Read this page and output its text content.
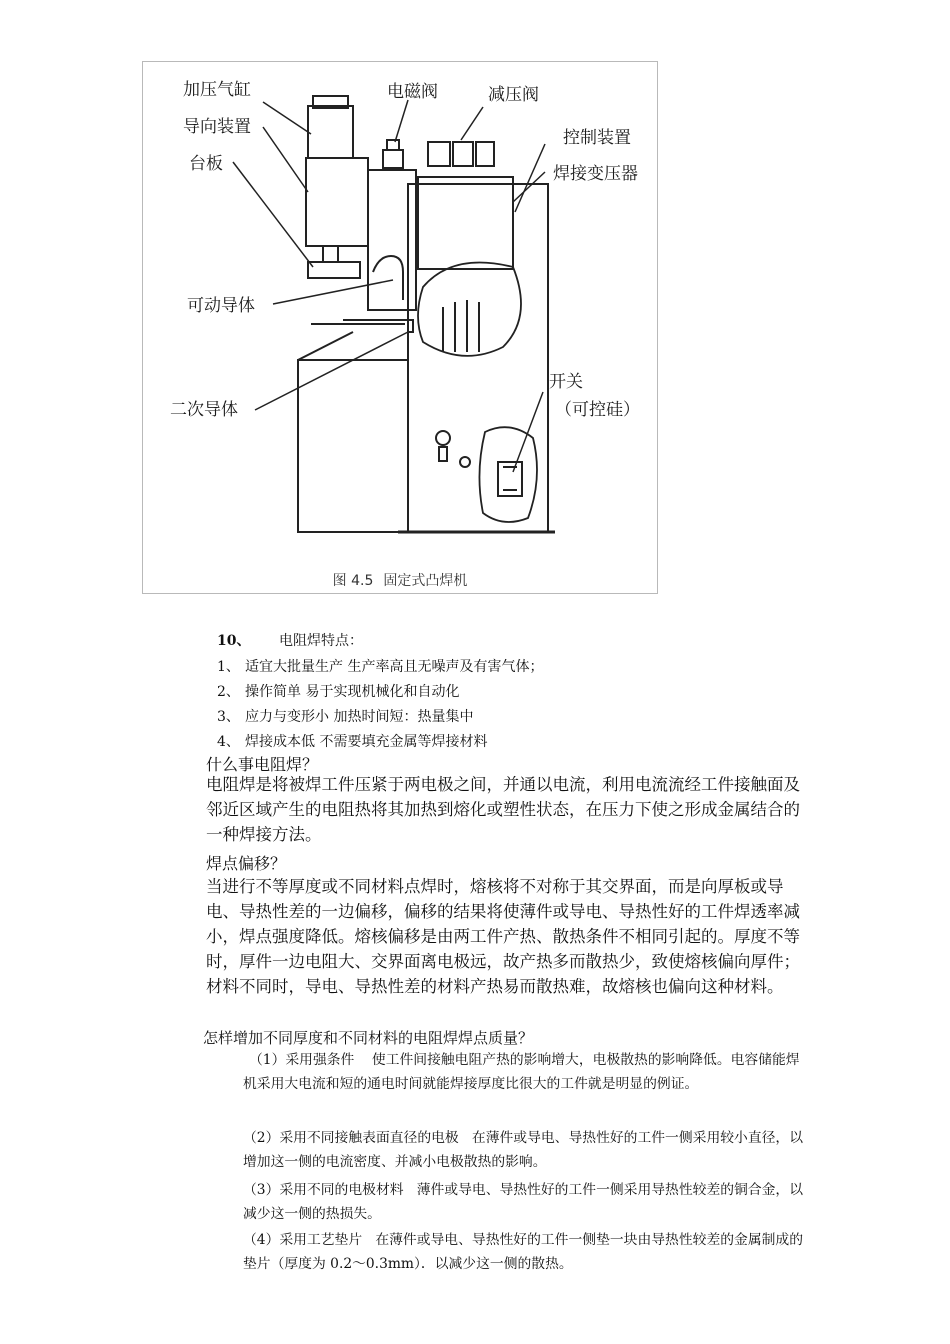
加压气缸
导向装置
台板
电磁阀	减压阀
控制装置
焊接变压器
可动导体
二次导体
开关
（可控硅）
图 4.5 固定式凸焊机
10、 电阻焊特点：
1、 适宜大批量生产 生产率高且无噪声及有害气体；
2、 操作简单 易于实现机械化和自动化
3、 应力与变形小 加热时间短：热量集中
4、 焊接成本低 不需要填充金属等焊接材料
什么事电阻焊？
电阻焊是将被焊工件压紧于两电极之间，并通以电流，利用电流流经工件接触面及邻近区域产生的电阻热将其加热到熔化或塑性状态，在压力下使之形成金属结合的一种焊接方法。
焊点偏移？
当进行不等厚度或不同材料点焊时，熔核将不对称于其交界面，而是向厚板或导电、导热性差的一边偏移，偏移的结果将使薄件或导电、导热性好的工件焊透率减小，焊点强度降低。熔核偏移是由两工件产热、散热条件不相同引起的。厚度不等时，厚件一边电阻大、交界面离电极远，故产热多而散热少，致使熔核偏向厚件；材料不同时，导电、导热性差的材料产热易而散热难，故熔核也偏向这种材料。
怎样增加不同厚度和不同材料的电阻焊焊点质量？
（1）采用强条件 使工件间接触电阻产热的影响增大，电极散热的影响降低。电容储能焊机采用大电流和短的通电时间就能焊接厚度比很大的工件就是明显的例证。
（2）采用不同接触表面直径的电极 在薄件或导电、导热性好的工件一侧采用较小直径，以增加这一侧的电流密度、并减小电极散热的影响。
（3）采用不同的电极材料 薄件或导电、导热性好的工件一侧采用导热性较差的铜合金，以减少这一侧的热损失。
（4）采用工艺垫片 在薄件或导电、导热性好的工件一侧垫一块由导热性较差的金属制成的垫片（厚度为 0.2～0.3mm）．以减少这一侧的散热。
